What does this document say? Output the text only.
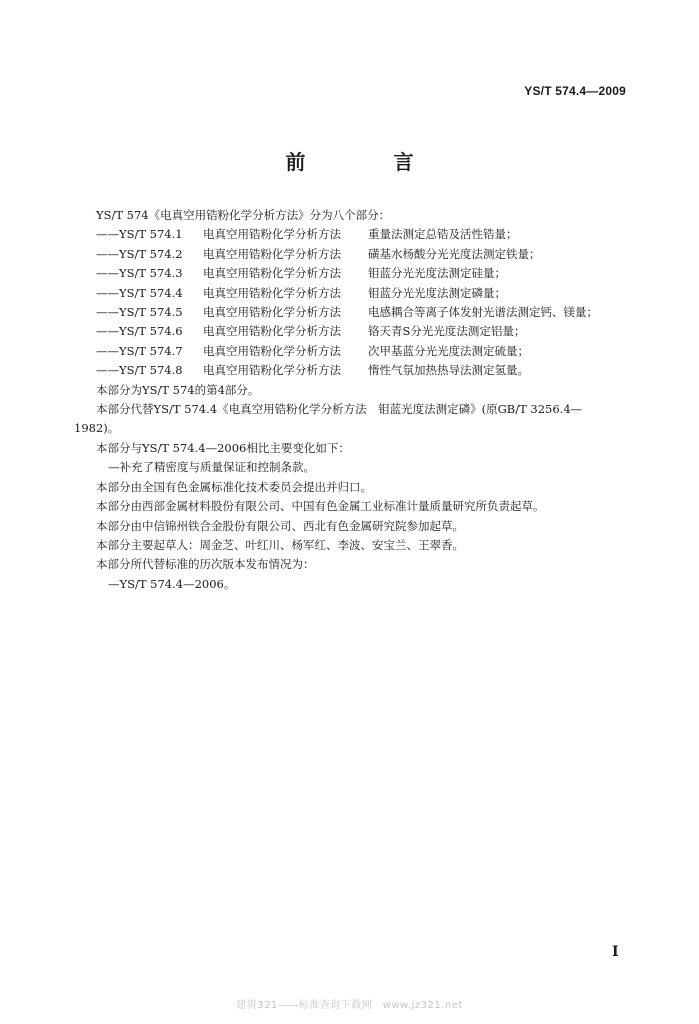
YS/T 574.4—2009
前　言
YS/T 574《电真空用锆粉化学分析方法》分为八个部分：
——YS/T 574.1	电真空用锆粉化学分析方法	重量法测定总锆及活性锆量；
——YS/T 574.2	电真空用锆粉化学分析方法	磺基水杨酸分光光度法测定铁量；
——YS/T 574.3	电真空用锆粉化学分析方法	钼蓝分光光度法测定硅量；
——YS/T 574.4	电真空用锆粉化学分析方法	钼蓝分光光度法测定磷量；
——YS/T 574.5	电真空用锆粉化学分析方法	电感耦合等离子体发射光谱法测定钙、镁量；
——YS/T 574.6	电真空用锆粉化学分析方法	铬天青S分光光度法测定铝量；
——YS/T 574.7	电真空用锆粉化学分析方法	次甲基蓝分光光度法测定硫量；
——YS/T 574.8	电真空用锆粉化学分析方法	惰性气氛加热热导法测定氢量。
本部分为YS/T 574的第4部分。
本部分代替YS/T 574.4《电真空用锆粉化学分析方法　钼蓝光度法测定磷》(原GB/T 3256.4—
1982)。
本部分与YS/T 574.4—2006相比主要变化如下：
—补充了精密度与质量保证和控制条款。
本部分由全国有色金属标准化技术委员会提出并归口。
本部分由西部金属材料股份有限公司、中国有色金属工业标准计量质量研究所负责起草。
本部分由中信锦州铁合金股份有限公司、西北有色金属研究院参加起草。
本部分主要起草人：周金芝、叶红川、杨军红、李波、安宝兰、王翠香。
本部分所代替标准的历次版本发布情况为：
—YS/T 574.4—2006。
I
建筑321——标准查询下载网　www.jz321.net
